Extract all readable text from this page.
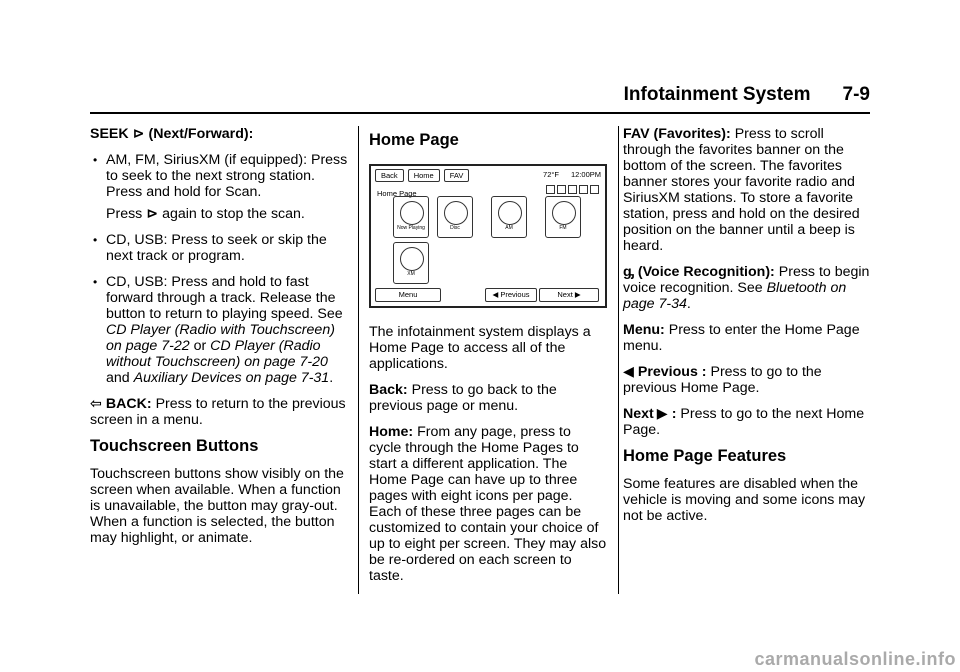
Infotainment System 7-9

SEEK ⊳ (Next/Forward):

• AM, FM, SiriusXM (if equipped): Press to seek to the next strong station. Press and hold for Scan.
Press ⊳ again to stop the scan.
• CD, USB: Press to seek or skip the next track or program.
• CD, USB: Press and hold to fast forward through a track. Release the button to return to playing speed. See CD Player (Radio with Touchscreen) on page 7-22 or CD Player (Radio without Touchscreen) on page 7-20 and Auxiliary Devices on page 7-31.

⇦ BACK: Press to return to the previous screen in a menu.

Touchscreen Buttons

Touchscreen buttons show visibly on the screen when available. When a function is unavailable, the button may gray-out. When a function is selected, the button may highlight, or animate.

Home Page
Back	Home	FAV	72°F 12:00PM
Home Page
Now Playing	Disc	AM	FM
XM
Menu	◀ Previous	Next ▶

The infotainment system displays a Home Page to access all of the applications.

Back: Press to go back to the previous page or menu.

Home: From any page, press to cycle through the Home Pages to start a different application. The Home Page can have up to three pages with eight icons per page. Each of these three pages can be customized to contain your choice of up to eight per screen. They may also be re-ordered on each screen to taste.

FAV (Favorites): Press to scroll through the favorites banner on the bottom of the screen. The favorites banner stores your favorite radio and SiriusXM stations. To store a favorite station, press and hold on the desired position on the banner until a beep is heard.

ᶃ (Voice Recognition): Press to begin voice recognition. See Bluetooth on page 7-34.

Menu: Press to enter the Home Page menu.

◀ Previous : Press to go to the previous Home Page.

Next ▶ : Press to go to the next Home Page.

Home Page Features

Some features are disabled when the vehicle is moving and some icons may not be active.

carmanualsonline.info
